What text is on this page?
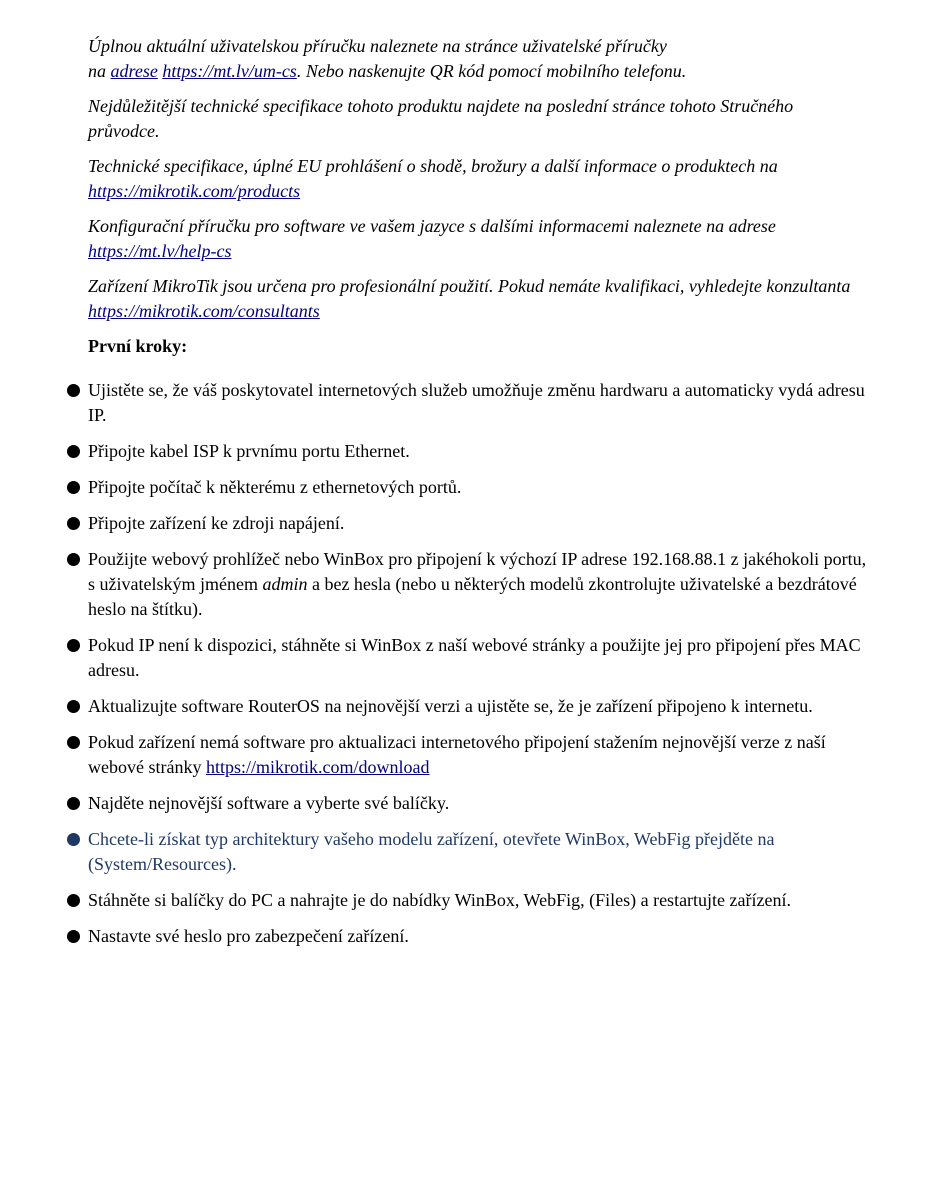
Úplnou aktuální uživatelskou příručku naleznete na stránce uživatelské příručky
na adrese https://mt.lv/um-cs. Nebo naskenujte QR kód pomocí mobilního telefonu.

Nejdůležitější technické specifikace tohoto produktu najdete na poslední stránce tohoto Stručného průvodce.

Technické specifikace, úplné EU prohlášení o shodě, brožury a další informace o produktech na https://mikrotik.com/products

Konfigurační příručku pro software ve vašem jazyce s dalšími informacemi naleznete na adrese https://mt.lv/help-cs

Zařízení MikroTik jsou určena pro profesionální použití. Pokud nemáte kvalifikaci, vyhledejte konzultanta https://mikrotik.com/consultants

První kroky:

Ujistěte se, že váš poskytovatel internetových služeb umožňuje změnu hardwaru a automaticky vydá adresu IP.
Připojte kabel ISP k prvnímu portu Ethernet.
Připojte počítač k některému z ethernetových portů.
Připojte zařízení ke zdroji napájení.
Použijte webový prohlížeč nebo WinBox pro připojení k výchozí IP adrese 192.168.88.1 z jakéhokoli portu, s uživatelským jménem admin a bez hesla (nebo u některých modelů zkontrolujte uživatelské a bezdrátové heslo na štítku).
Pokud IP není k dispozici, stáhněte si WinBox z naší webové stránky a použijte jej pro připojení přes MAC adresu.
Aktualizujte software RouterOS na nejnovější verzi a ujistěte se, že je zařízení připojeno k internetu.
Pokud zařízení nemá software pro aktualizaci internetového připojení stažením nejnovější verze z naší webové stránky https://mikrotik.com/download
Najděte nejnovější software a vyberte své balíčky.
Chcete-li získat typ architektury vašeho modelu zařízení, otevřete WinBox, WebFig přejděte na (System/Resources).
Stáhněte si balíčky do PC a nahrajte je do nabídky WinBox, WebFig, (Files) a restartujte zařízení.
Nastavte své heslo pro zabezpečení zařízení.
